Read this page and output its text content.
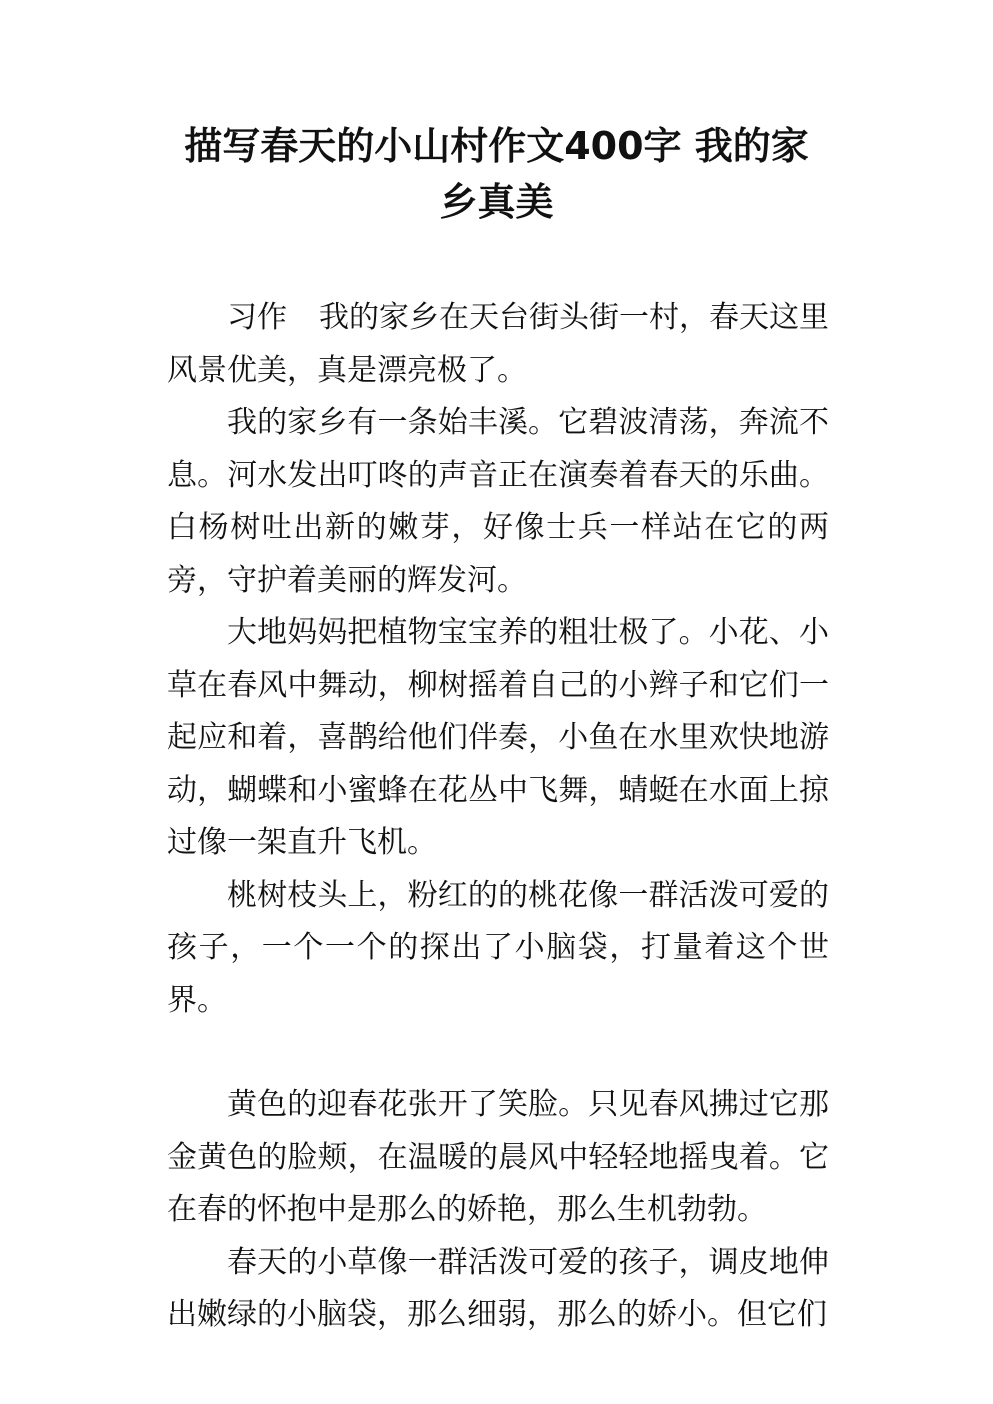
描写春天的小山村作文400字 我的家
乡真美

习作 我的家乡在天台街头街一村，春天这里风景优美，真是漂亮极了。

我的家乡有一条始丰溪。它碧波清荡，奔流不息。河水发出叮咚的声音正在演奏着春天的乐曲。白杨树吐出新的嫩芽，好像士兵一样站在它的两旁，守护着美丽的辉发河。

大地妈妈把植物宝宝养的粗壮极了。小花、小草在春风中舞动，柳树摇着自己的小辫子和它们一起应和着，喜鹊给他们伴奏，小鱼在水里欢快地游动，蝴蝶和小蜜蜂在花丛中飞舞，蜻蜓在水面上掠过像一架直升飞机。

桃树枝头上，粉红的的桃花像一群活泼可爱的孩子，一个一个的探出了小脑袋，打量着这个世界。

黄色的迎春花张开了笑脸。只见春风拂过它那金黄色的脸颊，在温暖的晨风中轻轻地摇曳着。它在春的怀抱中是那么的娇艳，那么生机勃勃。

春天的小草像一群活泼可爱的孩子，调皮地伸出嫩绿的小脑袋，那么细弱，那么的娇小。但它们
